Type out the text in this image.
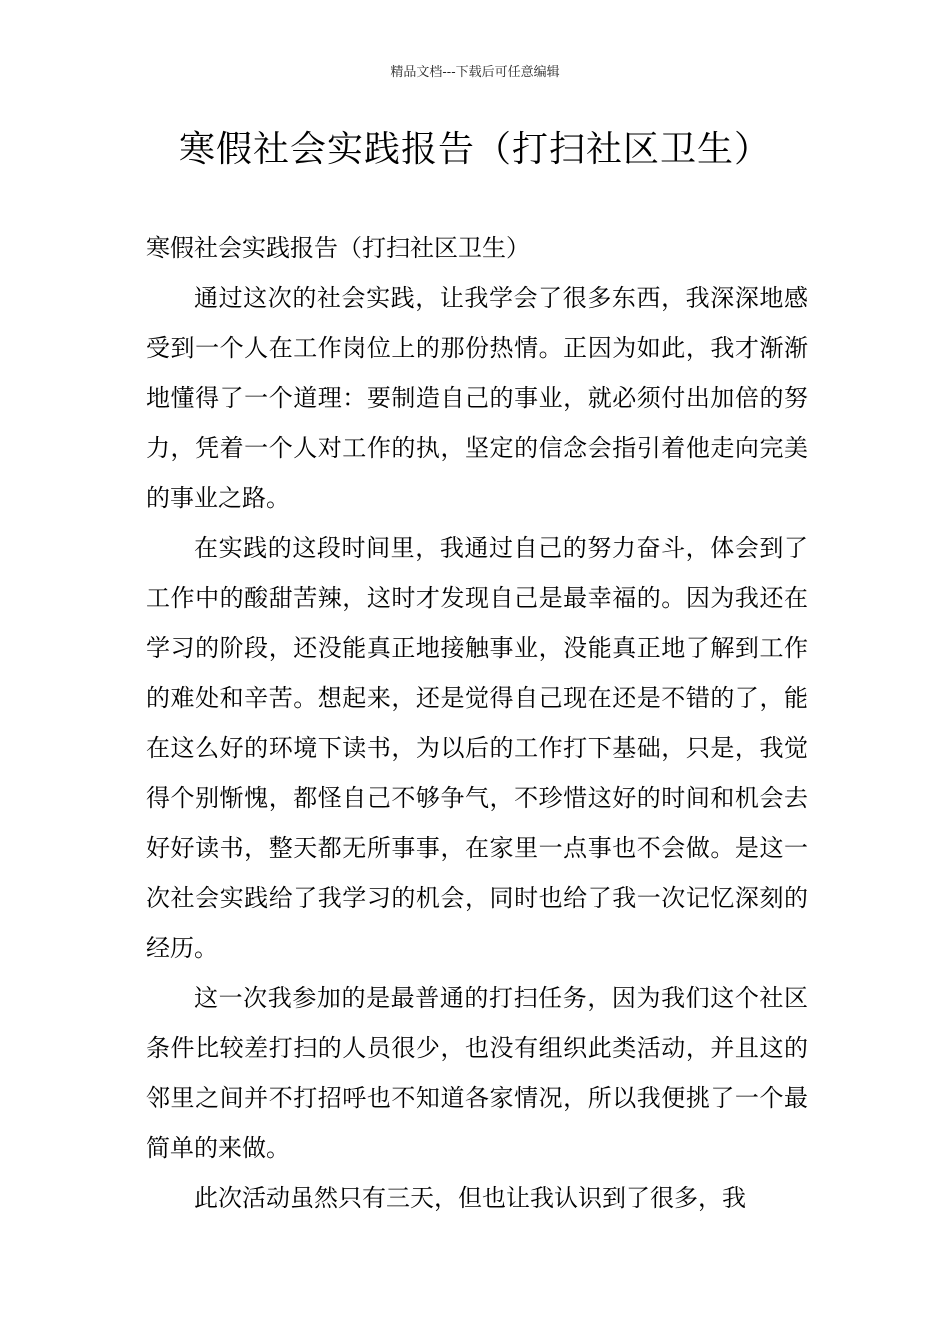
精品文档---下载后可任意编辑
寒假社会实践报告（打扫社区卫生）

寒假社会实践报告（打扫社区卫生）

通过这次的社会实践，让我学会了很多东西，我深深地感受到一个人在工作岗位上的那份热情。正因为如此，我才渐渐地懂得了一个道理：要制造自己的事业，就必须付出加倍的努力，凭着一个人对工作的执，坚定的信念会指引着他走向完美的事业之路。

在实践的这段时间里，我通过自己的努力奋斗，体会到了工作中的酸甜苦辣，这时才发现自己是最幸福的。因为我还在学习的阶段，还没能真正地接触事业，没能真正地了解到工作的难处和辛苦。想起来，还是觉得自己现在还是不错的了，能在这么好的环境下读书，为以后的工作打下基础，只是，我觉得个别惭愧，都怪自己不够争气，不珍惜这好的时间和机会去好好读书，整天都无所事事，在家里一点事也不会做。是这一次社会实践给了我学习的机会，同时也给了我一次记忆深刻的经历。

这一次我参加的是最普通的打扫任务，因为我们这个社区条件比较差打扫的人员很少，也没有组织此类活动，并且这的邻里之间并不打招呼也不知道各家情况，所以我便挑了一个最简单的来做。

此次活动虽然只有三天，但也让我认识到了很多，我
